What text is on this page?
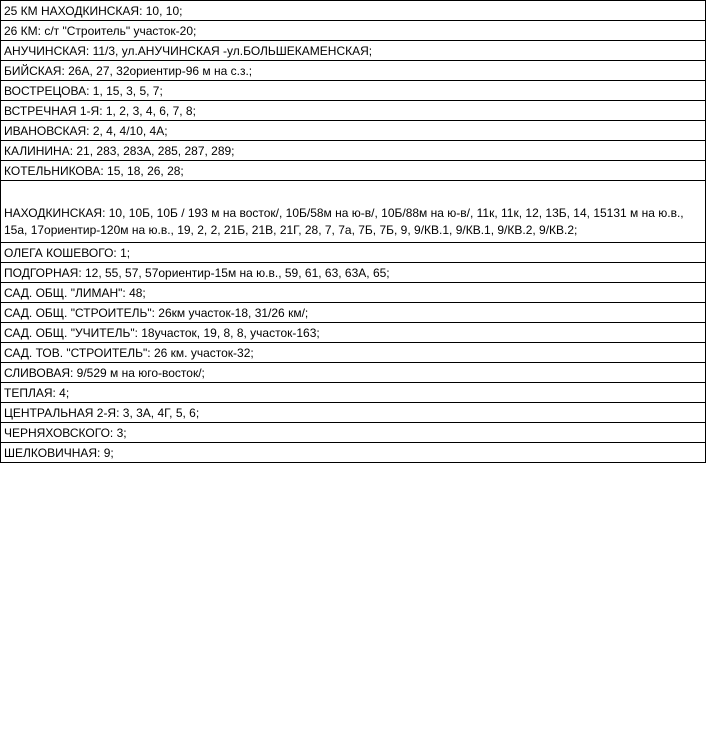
25 КМ НАХОДКИНСКАЯ: 10, 10;
26 КМ: с/т "Строитель" участок-20;
АНУЧИНСКАЯ: 11/3, ул.АНУЧИНСКАЯ -ул.БОЛЬШЕКАМЕНСКАЯ;
БИЙСКАЯ: 26А, 27, 32ориентир-96 м на с.з.;
ВОСТРЕЦОВА: 1, 15, 3, 5, 7;
ВСТРЕЧНАЯ 1-Я: 1, 2, 3, 4, 6, 7, 8;
ИВАНОВСКАЯ: 2, 4, 4/10, 4А;
КАЛИНИНА: 21, 283, 283А, 285, 287, 289;
КОТЕЛЬНИКОВА: 15, 18, 26, 28;
НАХОДКИНСКАЯ: 10, 10Б, 10Б / 193 м на восток/, 10Б/58м на ю-в/, 10Б/88м на ю-в/, 11к, 11к, 12, 13Б, 14, 15131 м на ю.в., 15а, 17ориентир-120м на ю.в., 19, 2, 2, 21Б, 21В, 21Г, 28, 7, 7а, 7Б, 7Б, 9, 9/КВ.1, 9/КВ.1, 9/КВ.2, 9/КВ.2;
ОЛЕГА КОШЕВОГО: 1;
ПОДГОРНАЯ: 12, 55, 57, 57ориентир-15м на ю.в., 59, 61, 63, 63А, 65;
САД. ОБЩ. "ЛИМАН": 48;
САД. ОБЩ. "СТРОИТЕЛЬ": 26км участок-18, 31/26 км/;
САД. ОБЩ. "УЧИТЕЛЬ": 18участок, 19, 8, 8, участок-163;
САД. ТОВ. "СТРОИТЕЛЬ": 26 км. участок-32;
СЛИВОВАЯ: 9/529 м на юго-восток/;
ТЕПЛАЯ: 4;
ЦЕНТРАЛЬНАЯ 2-Я: 3, 3А, 4Г, 5, 6;
ЧЕРНЯХОВСКОГО: 3;
ШЕЛКОВИЧНАЯ: 9;
